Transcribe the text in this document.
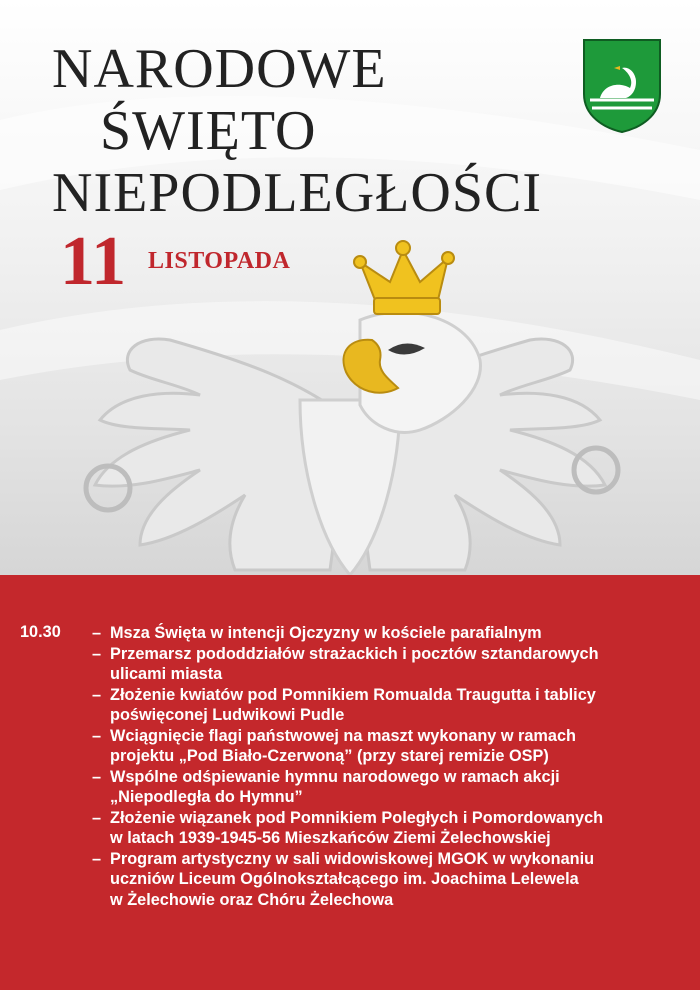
NARODOWE
ŚWIĘTO
NIEPODLEGŁOŚCI
11 LISTOPADA
10.30 – Msza Święta w intencji Ojczyzny w kościele parafialnym
– Przemarsz pododdziałów strażackich i pocztów sztandarowych
ulicami miasta
– Złożenie kwiatów pod Pomnikiem Romualda Traugutta i tablicy
poświęconej Ludwikowi Pudle
– Wciągnięcie flagi państwowej na maszt wykonany w ramach
projektu „Pod Biało-Czerwoną” (przy starej remizie OSP)
– Wspólne odśpiewanie hymnu narodowego w ramach akcji
„Niepodległa do Hymnu”
– Złożenie wiązanek pod Pomnikiem Poległych i Pomordowanych
w latach 1939-1945-56 Mieszkańców Ziemi Żelechowskiej
– Program artystyczny w sali widowiskowej MGOK w wykonaniu
uczniów Liceum Ogólnokształcącego im. Joachima Lelewela
w Żelechowie oraz Chóru Żelechowa
